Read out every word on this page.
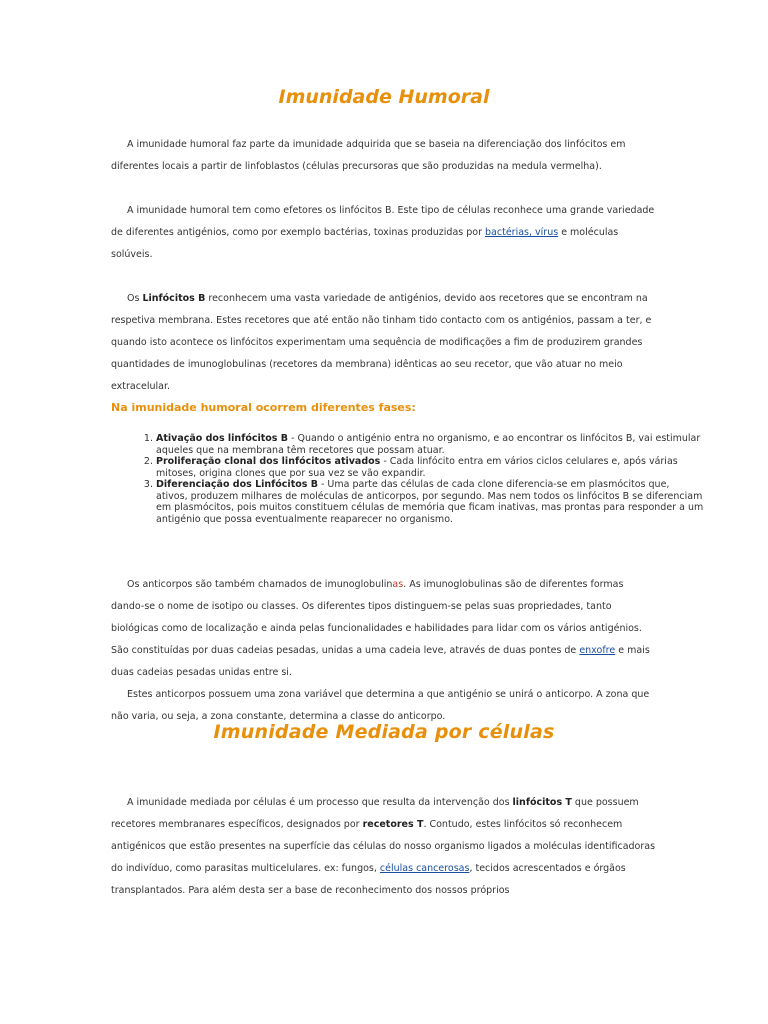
Imunidade Humoral

A imunidade humoral faz parte da imunidade adquirida que se baseia na diferenciação dos linfócitos em diferentes locais a partir de linfoblastos (células precursoras que são produzidas na medula vermelha).

A imunidade humoral tem como efetores os linfócitos B. Este tipo de células reconhece uma grande variedade de diferentes antigénios, como por exemplo bactérias, toxinas produzidas por bactérias, vírus e moléculas solúveis.

Os Linfócitos B reconhecem uma vasta variedade de antigénios, devido aos recetores que se encontram na respetiva membrana. Estes recetores que até então não tinham tido contacto com os antigénios, passam a ter, e quando isto acontece os linfócitos experimentam uma sequência de modificações a fim de produzirem grandes quantidades de imunoglobulinas (recetores da membrana) idênticas ao seu recetor, que vão atuar no meio extracelular.

Na imunidade humoral ocorrem diferentes fases:
1. Ativação dos linfócitos B - Quando o antigénio entra no organismo, e ao encontrar os linfócitos B, vai estimular aqueles que na membrana têm recetores que possam atuar.
2. Proliferação clonal dos linfócitos ativados - Cada linfócito entra em vários ciclos celulares e, após várias mitoses, origina clones que por sua vez se vão expandir.
3. Diferenciação dos Linfócitos B - Uma parte das células de cada clone diferencia-se em plasmócitos que, ativos, produzem milhares de moléculas de anticorpos, por segundo. Mas nem todos os linfócitos B se diferenciam em plasmócitos, pois muitos constituem células de memória que ficam inativas, mas prontas para responder a um antigénio que possa eventualmente reaparecer no organismo.

Os anticorpos são também chamados de imunoglobulinas. As imunoglobulinas são de diferentes formas dando-se o nome de isotipo ou classes. Os diferentes tipos distinguem-se pelas suas propriedades, tanto biológicas como de localização e ainda pelas funcionalidades e habilidades para lidar com os vários antigénios. São constituídas por duas cadeias pesadas, unidas a uma cadeia leve, através de duas pontes de enxofre e mais duas cadeias pesadas unidas entre si.

Estes anticorpos possuem uma zona variável que determina a que antigénio se unirá o anticorpo. A zona que não varia, ou seja, a zona constante, determina a classe do anticorpo.

Imunidade Mediada por células

A imunidade mediada por células é um processo que resulta da intervenção dos linfócitos T que possuem recetores membranares específicos, designados por recetores T. Contudo, estes linfócitos só reconhecem antigénicos que estão presentes na superfície das células do nosso organismo ligados a moléculas identificadoras do indivíduo, como parasitas multicelulares. ex: fungos, células cancerosas, tecidos acrescentados e órgãos transplantados. Para além desta ser a base de reconhecimento dos nossos próprios
